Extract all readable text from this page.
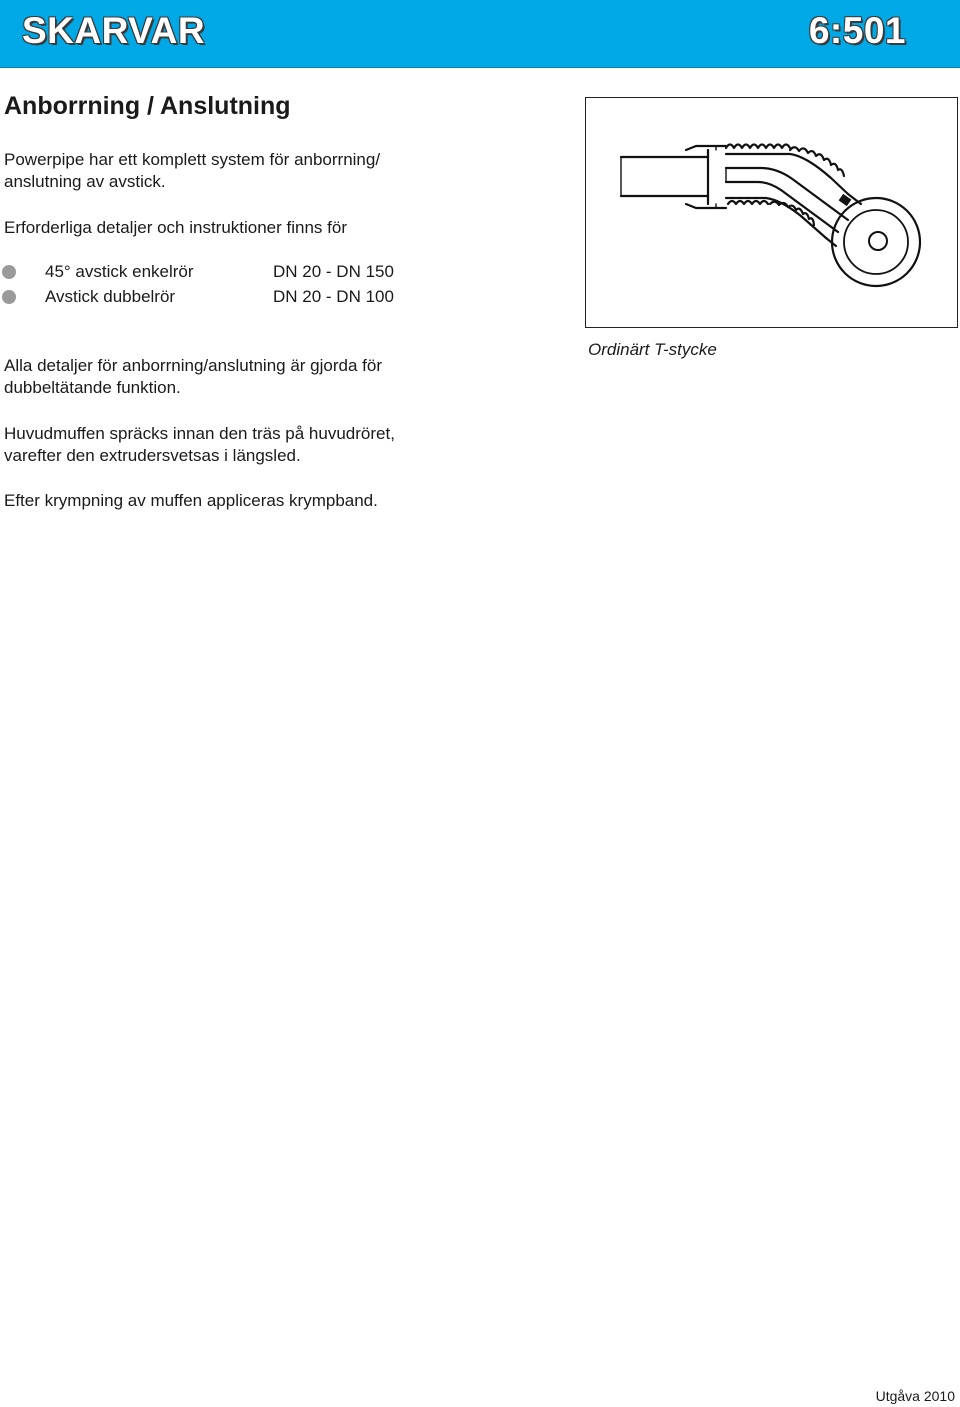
SKARVAR	6:501
Anborrning / Anslutning

Powerpipe har ett komplett system för anborrning/
anslutning av avstick.

Erforderliga detaljer och instruktioner finns för

45° avstick enkelrör	DN 20 - DN 150
Avstick dubbelrör	DN 20 - DN 100

Alla detaljer för anborrning/anslutning är gjorda för
dubbeltätande funktion.

Huvudmuffen spräcks innan den träs på huvudröret,
varefter den extrudersvetsas i längsled.

Efter krympning av muffen appliceras krympband.

Ordinärt T-stycke
Utgåva 2010
